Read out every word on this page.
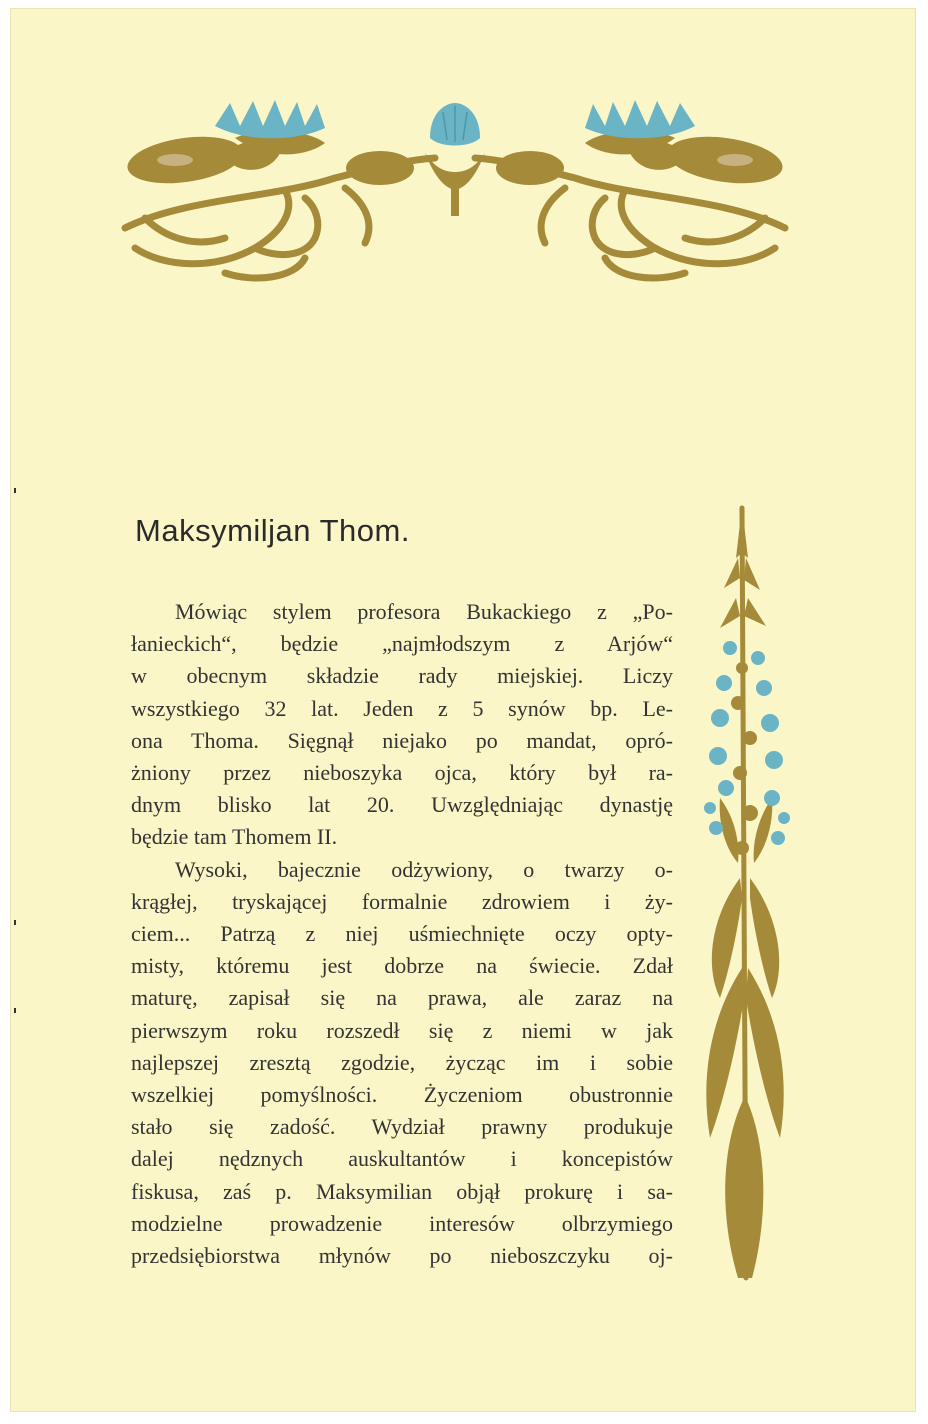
Maksymiljan Thom.

Mówiąc stylem profesora Bukackiego z „Po-
łanieckich“, będzie „najmłodszym z Arjów“
w obecnym składzie rady miejskiej. Liczy
wszystkiego 32 lat. Jeden z 5 synów bp. Le-
ona Thoma. Sięgnął niejako po mandat, opró-
żniony przez nieboszyka ojca, który był ra-
dnym blisko lat 20. Uwzględniając dynastję
będzie tam Thomem II.

Wysoki, bajecznie odżywiony, o twarzy o-
krągłej, tryskającej formalnie zdrowiem i ży-
ciem... Patrzą z niej uśmiechnięte oczy opty-
misty, któremu jest dobrze na świecie. Zdał
maturę, zapisał się na prawa, ale zaraz na
pierwszym roku rozszedł się z niemi w jak
najlepszej zresztą zgodzie, życząc im i sobie
wszelkiej pomyślności. Życzeniom obustronnie
stało się zadość. Wydział prawny produkuje
dalej nędznych auskultantów i koncepistów
fiskusa, zaś p. Maksymilian objął prokurę i sa-
modzielne prowadzenie interesów olbrzymiego
przedsiębiorstwa młynów po nieboszczyku oj-
